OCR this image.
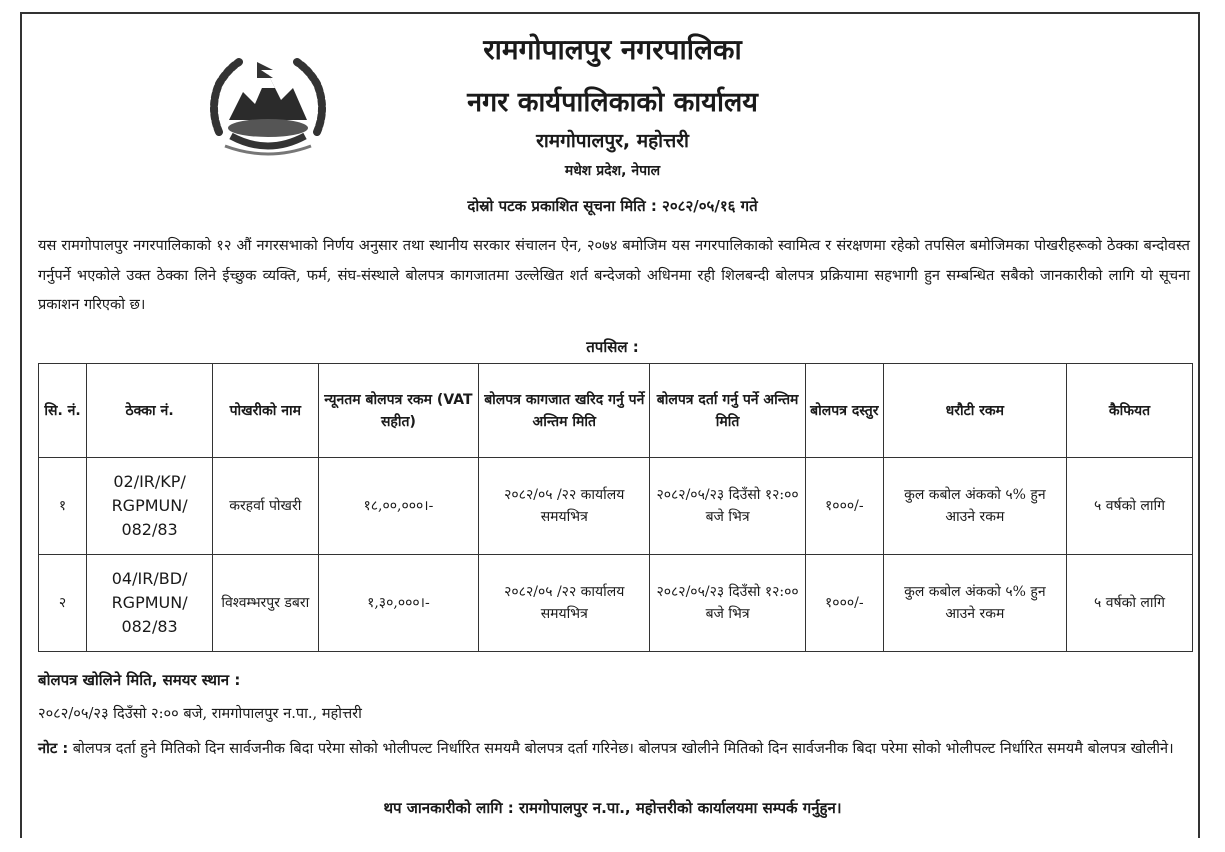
रामगोपालपुर नगरपालिका
नगर कार्यपालिकाको कार्यालय
रामगोपालपुर, महोत्तरी
मधेश प्रदेश, नेपाल
दोस्रो पटक प्रकाशित सूचना मिति : २०८२/०५/१६ गते
यस रामगोपालपुर नगरपालिकाको १२ औं नगरसभाको निर्णय अनुसार तथा स्थानीय सरकार संचालन ऐन, २०७४ बमोजिम यस नगरपालिकाको स्वामित्व र संरक्षणमा रहेको तपसिल बमोजिमका पोखरीहरूको ठेक्का बन्दोवस्त गर्नुपर्ने भएकोले उक्त ठेक्का लिने ईच्छुक व्यक्ति, फर्म, संघ-संस्थाले बोलपत्र कागजातमा उल्लेखित शर्त बन्देजको अधिनमा रही शिलबन्दी बोलपत्र प्रक्रियामा सहभागी हुन सम्बन्धित सबैको जानकारीको लागि यो सूचना प्रकाशन गरिएको छ।
तपसिल :
सि. नं.	ठेक्का नं.	पोखरीको नाम	न्यूनतम बोलपत्र रकम (VAT सहीत)	बोलपत्र कागजात खरिद गर्नु पर्ने अन्तिम मिति	बोलपत्र दर्ता गर्नु पर्ने अन्तिम मिति	बोलपत्र दस्तुर	धरौटी रकम	कैफियत
१	02/IR/KP/ RGPMUN/ 082/83	करहर्वा पोखरी	१८,००,०००।-	२०८२/०५ /२२ कार्यालय समयभित्र	२०८२/०५/२३ दिउँसो १२:०० बजे भित्र	१०००/-	कुल कबोल अंकको ५% हुन आउने रकम	५ वर्षको लागि
२	04/IR/BD/ RGPMUN/ 082/83	विश्वम्भरपुर डबरा	१,३०,०००।-	२०८२/०५ /२२ कार्यालय समयभित्र	२०८२/०५/२३ दिउँसो १२:०० बजे भित्र	१०००/-	कुल कबोल अंकको ५% हुन आउने रकम	५ वर्षको लागि
बोलपत्र खोलिने मिति, समयर स्थान :
२०८२/०५/२३ दिउँसो २:०० बजे, रामगोपालपुर न.पा., महोत्तरी
नोट : बोलपत्र दर्ता हुने मितिको दिन सार्वजनीक बिदा परेमा सोको भोलीपल्ट निर्धारित समयमै बोलपत्र दर्ता गरिनेछ। बोलपत्र खोलीने मितिको दिन सार्वजनीक बिदा परेमा सोको भोलीपल्ट निर्धारित समयमै बोलपत्र खोलीने।
थप जानकारीको लागि : रामगोपालपुर न.पा., महोत्तरीको कार्यालयमा सम्पर्क गर्नुहुन।
